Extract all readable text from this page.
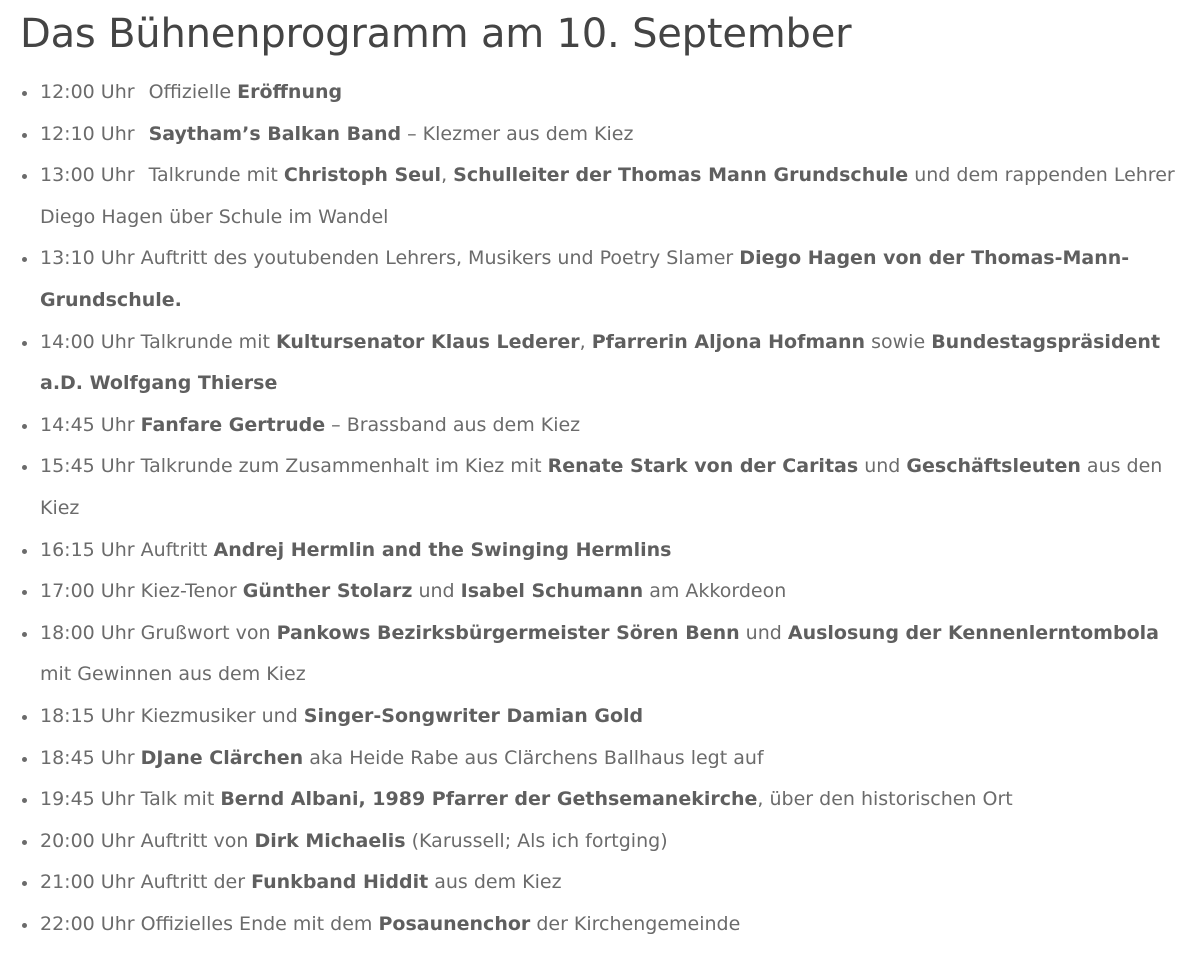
Das Bühnenprogramm am 10. September
12:00 Uhr Offizielle Eröffnung
12:10 Uhr Saytham’s Balkan Band – Klezmer aus dem Kiez
13:00 Uhr Talkrunde mit Christoph Seul, Schulleiter der Thomas Mann Grundschule und dem rappenden Lehrer Diego Hagen über Schule im Wandel
13:10 Uhr Auftritt des youtubenden Lehrers, Musikers und Poetry Slamer Diego Hagen von der Thomas-Mann-Grundschule.
14:00 Uhr Talkrunde mit Kultursenator Klaus Lederer, Pfarrerin Aljona Hofmann sowie Bundestagspräsident a.D. Wolfgang Thierse
14:45 Uhr Fanfare Gertrude – Brassband aus dem Kiez
15:45 Uhr Talkrunde zum Zusammenhalt im Kiez mit Renate Stark von der Caritas und Geschäftsleuten aus den Kiez
16:15 Uhr Auftritt Andrej Hermlin and the Swinging Hermlins
17:00 Uhr Kiez-Tenor Günther Stolarz und Isabel Schumann am Akkordeon
18:00 Uhr Grußwort von Pankows Bezirksbürgermeister Sören Benn und Auslosung der Kennenlerntombola mit Gewinnen aus dem Kiez
18:15 Uhr Kiezmusiker und Singer-Songwriter Damian Gold
18:45 Uhr DJane Clärchen aka Heide Rabe aus Clärchens Ballhaus legt auf
19:45 Uhr Talk mit Bernd Albani, 1989 Pfarrer der Gethsemanekirche, über den historischen Ort
20:00 Uhr Auftritt von Dirk Michaelis (Karussell; Als ich fortging)
21:00 Uhr Auftritt der Funkband Hiddit aus dem Kiez
22:00 Uhr Offizielles Ende mit dem Posaunenchor der Kirchengemeinde
